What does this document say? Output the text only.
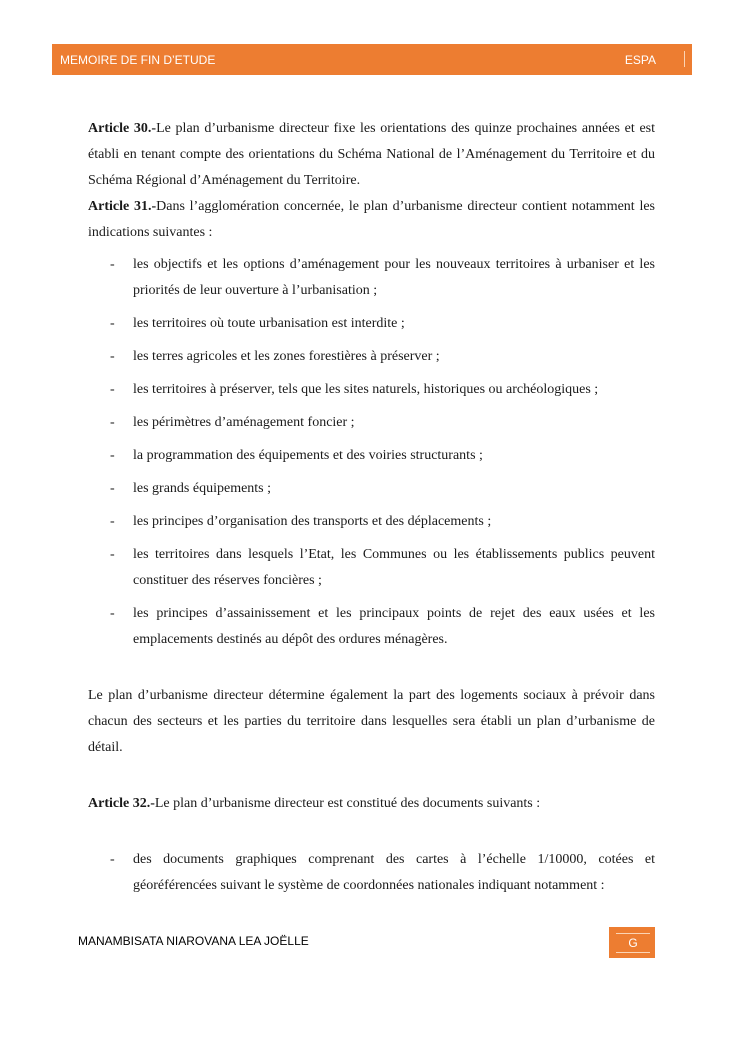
MEMOIRE DE FIN D’ETUDE	ESPA

Article 30.-Le plan d’urbanisme directeur fixe les orientations des quinze prochaines années et est établi en tenant compte des orientations du Schéma National de l’Aménagement du Territoire et du Schéma Régional d’Aménagement du Territoire.

Article 31.-Dans l’agglomération concernée, le plan d’urbanisme directeur contient notamment les indications suivantes :

- les objectifs et les options d’aménagement pour les nouveaux territoires à urbaniser et les priorités de leur ouverture à l’urbanisation ;
- les territoires où toute urbanisation est interdite ;
- les terres agricoles et les zones forestières à préserver ;
- les territoires à préserver, tels que les sites naturels, historiques ou archéologiques ;
- les périmètres d’aménagement foncier ;
- la programmation des équipements et des voiries structurants ;
- les grands équipements ;
- les principes d’organisation des transports et des déplacements ;
- les territoires dans lesquels l’Etat, les Communes ou les établissements publics peuvent constituer des réserves foncières ;
- les principes d’assainissement et les principaux points de rejet des eaux usées et les emplacements destinés au dépôt des ordures ménagères.

Le plan d’urbanisme directeur détermine également la part des logements sociaux à prévoir dans chacun des secteurs et les parties du territoire dans lesquelles sera établi un plan d’urbanisme de détail.

Article 32.-Le plan d’urbanisme directeur est constitué des documents suivants :

- des documents graphiques comprenant des cartes à l’échelle 1/10000, cotées et géoréférencées suivant le système de coordonnées nationales indiquant notamment :
MANAMBISATA NIAROVANA LEA JOËLLE	G
